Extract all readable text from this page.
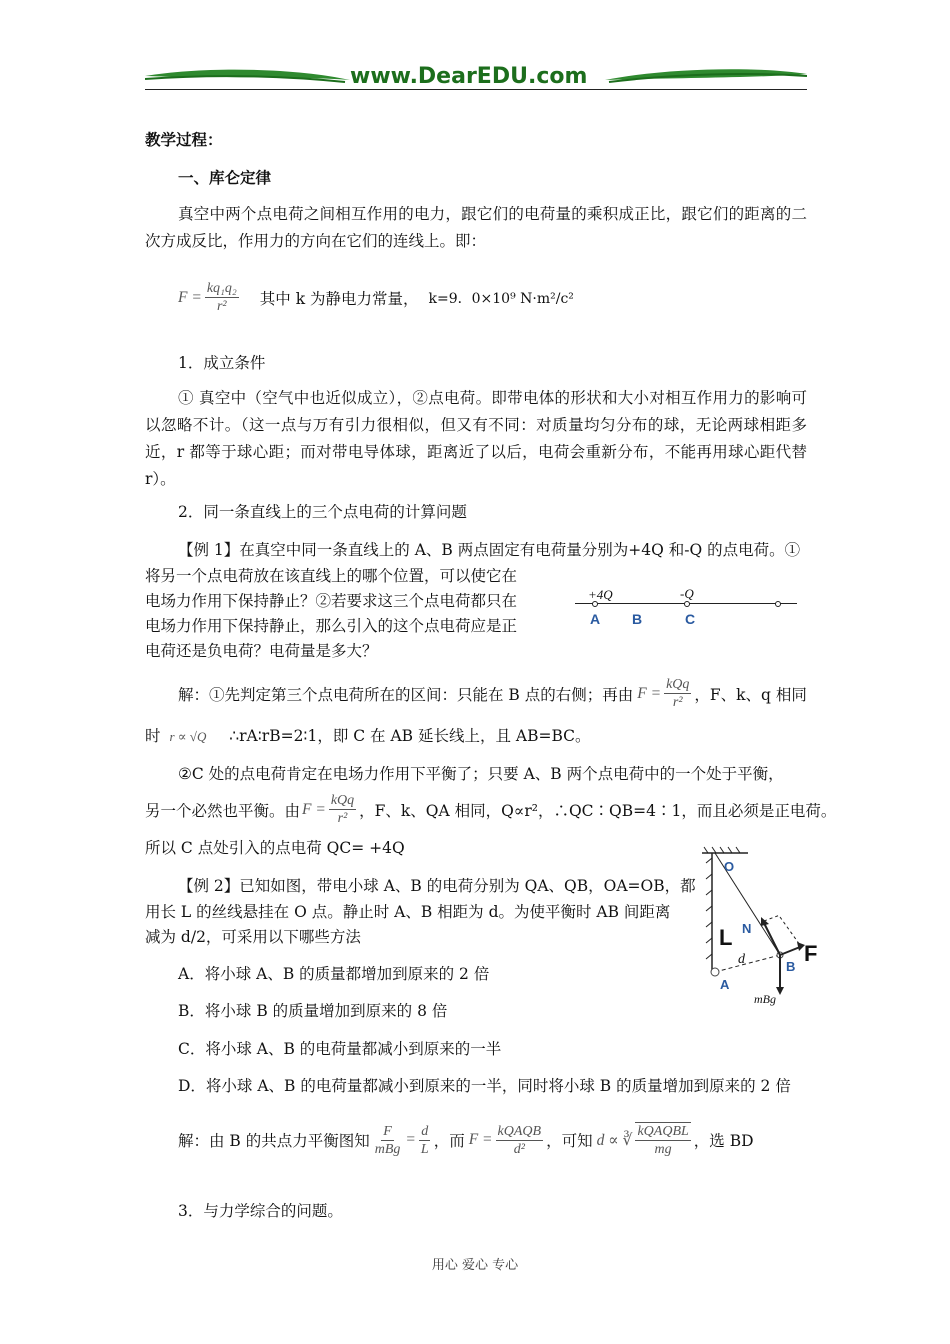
www.DearEDU.com
教学过程：
一、库仑定律
真空中两个点电荷之间相互作用的电力，跟它们的电荷量的乘积成正比，跟它们的距离的二次方成反比，作用力的方向在它们的连线上。即：
$F = \frac{\text{kq₁q₂}}{\text{r²}}$ 其中 k 为静电力常量， k=9．0×10⁹ N·m²/c²
1．成立条件
① 真空中（空气中也近似成立），②点电荷。即带电体的形状和大小对相互作用力的影响可以忽略不计。（这一点与万有引力很相似，但又有不同：对质量均匀分布的球，无论两球相距多近，r 都等于球心距；而对带电导体球，距离近了以后，电荷会重新分布，不能再用球心距代替 r）。
2．同一条直线上的三个点电荷的计算问题
【例 1】在真空中同一条直线上的 A、B 两点固定有电荷量分别为+4Q 和-Q 的点电荷。①
将另一个点电荷放在该直线上的哪个位置，可以使它在
电场力作用下保持静止？②若要求这三个点电荷都只在
电场力作用下保持静止，那么引入的这个点电荷应是正
电荷还是负电荷？电荷量是多大？
+4Q	-Q
A B	C
解：①先判定第三个点电荷所在的区间：只能在 B 点的右侧；再由 $F = \frac{\text{kQq}}{\text{r²}}$ ，F、k、q 相同
时 r ∝ √Q ∴rA∶rB=2∶1，即 C 在 AB 延长线上，且 AB=BC。
②C 处的点电荷肯定在电场力作用下平衡了；只要 A、B 两个点电荷中的一个处于平衡，
另一个必然也平衡。由 $F = \frac{\text{kQq}}{\text{r²}}$ ，F、k、QA 相同，Q∝r²，∴QC∶QB=4∶1，而且必须是正电荷。
所以 C 点处引入的点电荷 QC= +4Q
【例 2】已知如图，带电小球 A、B 的电荷分别为 QA、QB，OA=OB，都
用长 L 的丝线悬挂在 O 点。静止时 A、B 相距为 d。为使平衡时 AB 间距离
减为 d/2，可采用以下哪些方法
A．将小球 A、B 的质量都增加到原来的 2 倍
B．将小球 B 的质量增加到原来的 8 倍
C．将小球 A、B 的电荷量都减小到原来的一半
D．将小球 A、B 的电荷量都减小到原来的一半，同时将小球 B 的质量增加到原来的 2 倍
O
L N
F
d
A
B
mBg
解：由 B 的共点力平衡图知 $\frac{F}{\text{mBg}} = \frac{d}{L}$ ，而 $F = \frac{\text{kQAQB}}{\text{d²}}$ ，可知 d ∝ ∛ $\frac{\text{kQAQBL}}{mg}$ ，选 BD
3．与力学综合的问题。
用心 爱心 专心
